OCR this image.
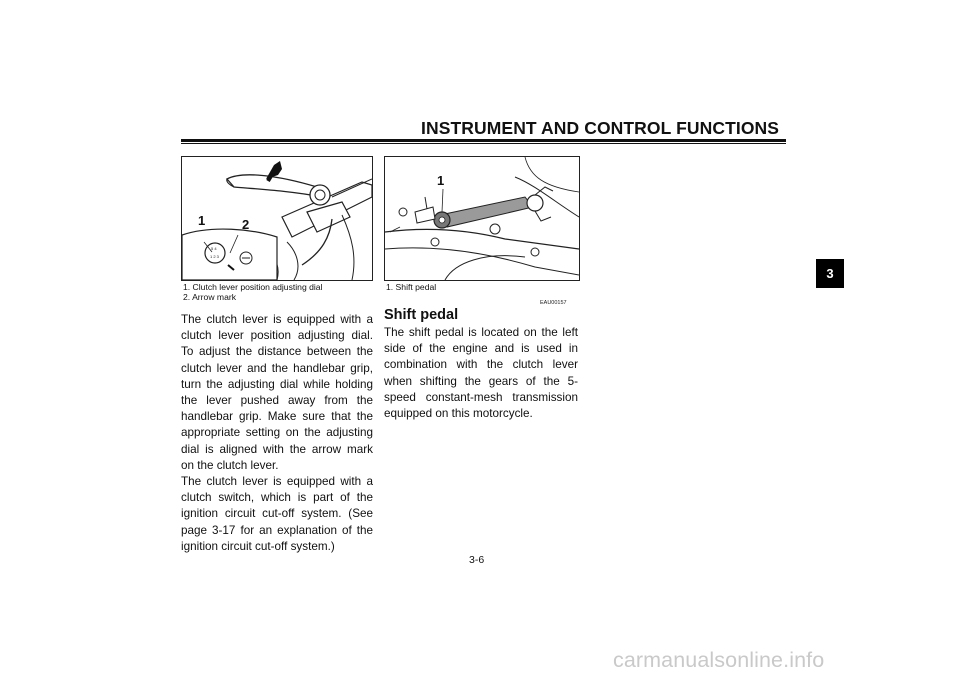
INSTRUMENT AND CONTROL FUNCTIONS
3
5 4
1 2 3
1	2
1. Clutch lever position adjusting dial
2. Arrow mark
1
1. Shift pedal

The clutch lever is equipped with a clutch lever position adjusting dial. To adjust the distance between the clutch lever and the handlebar grip, turn the adjusting dial while holding the lever pushed away from the handlebar grip. Make sure that the appropriate setting on the adjusting dial is aligned with the arrow mark on the clutch lever.

The clutch lever is equipped with a clutch switch, which is part of the ignition circuit cut-off system. (See page 3-17 for an explanation of the ignition circuit cut-off system.)

EAU00157
Shift pedal

The shift pedal is located on the left side of the engine and is used in combination with the clutch lever when shifting the gears of the 5-speed constant-mesh transmission equipped on this motorcycle.

3-6
carmanualsonline.info
